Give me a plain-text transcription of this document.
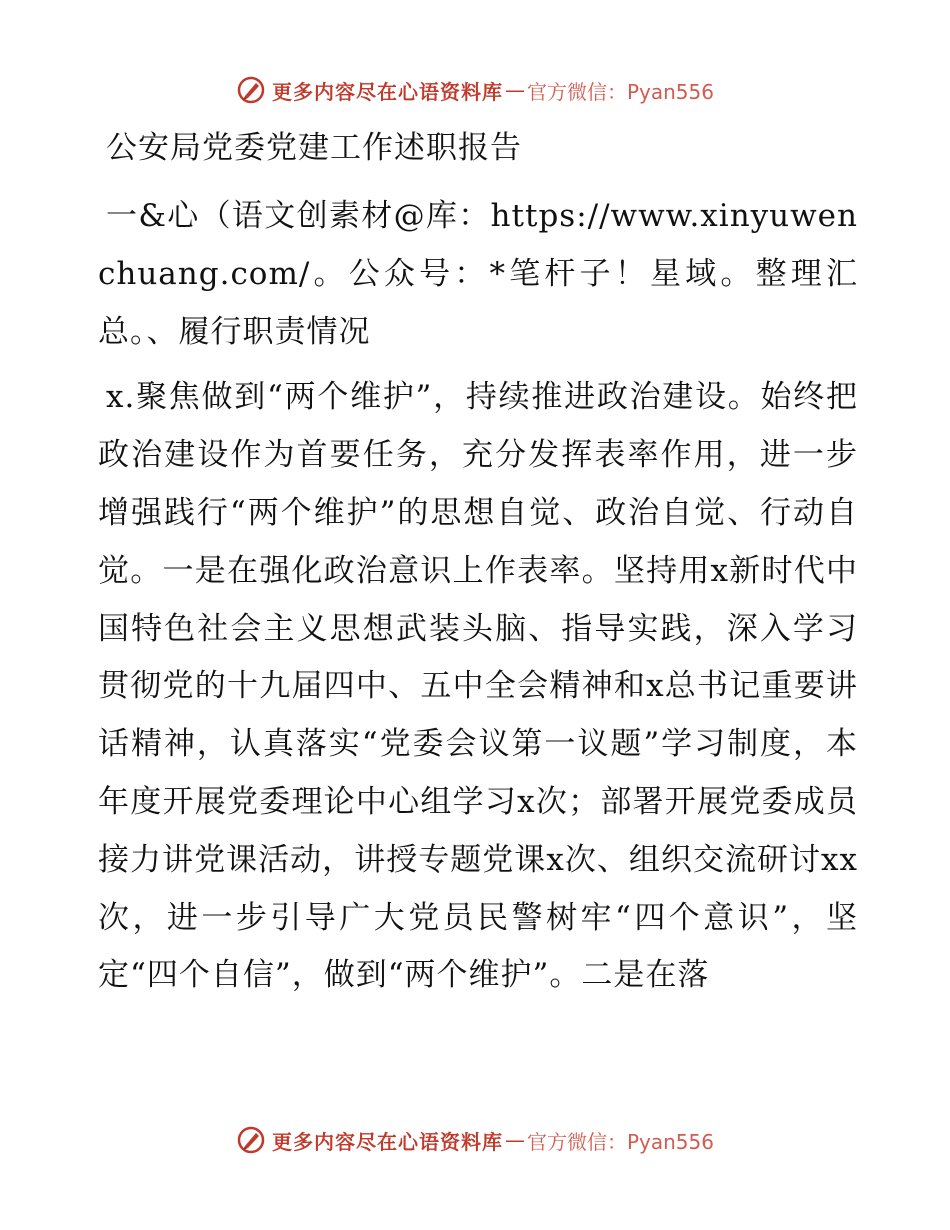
更多内容尽在心语资料库 — 官方微信：Pyan556
公安局党委党建工作述职报告

一&心（语文创素材@库：https://www.xinyuwenchuang.com/。公众号：*笔杆子！星域。整理汇总。、履行职责情况

x.聚焦做到“两个维护”，持续推进政治建设。始终把政治建设作为首要任务，充分发挥表率作用，进一步增强践行“两个维护”的思想自觉、政治自觉、行动自觉。一是在强化政治意识上作表率。坚持用x新时代中国特色社会主义思想武装头脑、指导实践，深入学习贯彻党的十九届四中、五中全会精神和x总书记重要讲话精神，认真落实“党委会议第一议题”学习制度，本年度开展党委理论中心组学习x次；部署开展党委成员接力讲党课活动，讲授专题党课x次、组织交流研讨xx次，进一步引导广大党员民警树牢“四个意识”，坚定“四个自信”，做到“两个维护”。二是在落

更多内容尽在心语资料库 — 官方微信：Pyan556
